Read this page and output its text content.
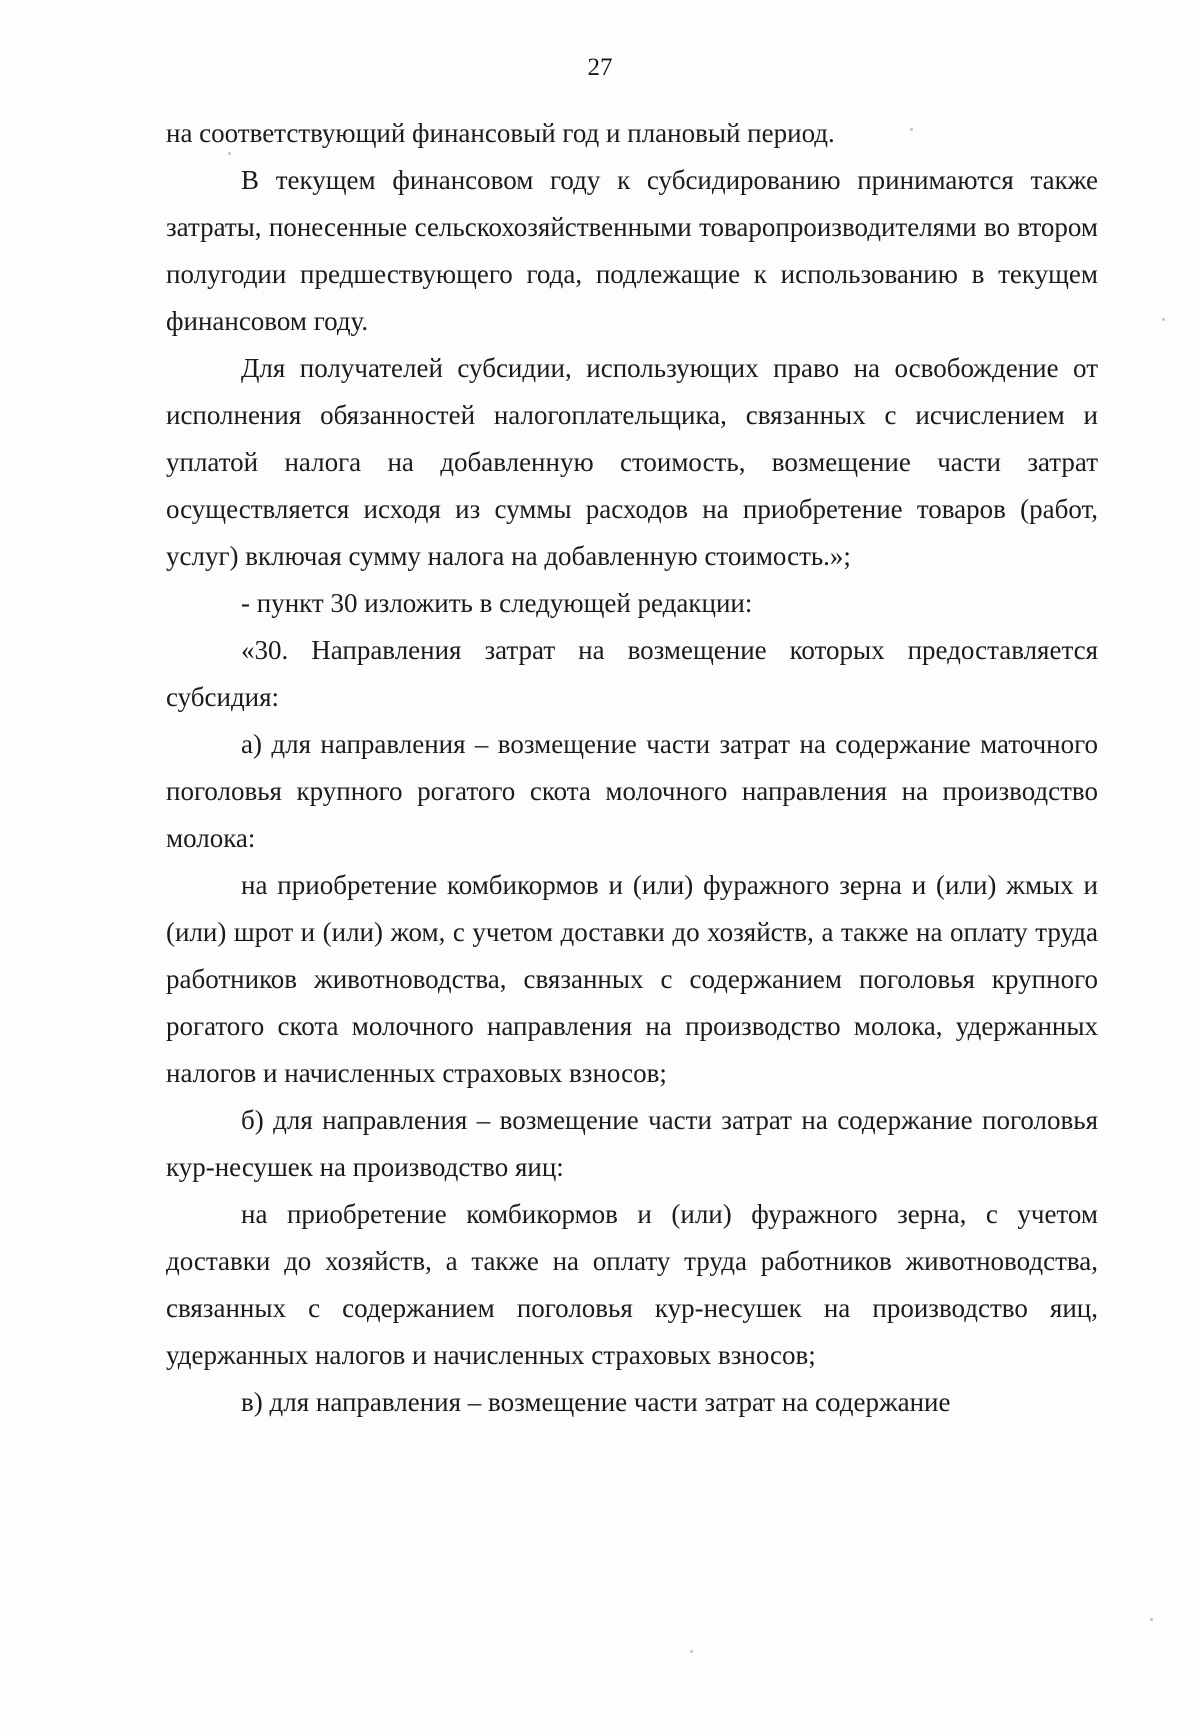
27

на соответствующий финансовый год и плановый период.

В текущем финансовом году к субсидированию принимаются также затраты, понесенные сельскохозяйственными товаропроизводителями во втором полугодии предшествующего года, подлежащие к использованию в текущем финансовом году.

Для получателей субсидии, использующих право на освобождение от исполнения обязанностей налогоплательщика, связанных с исчислением и уплатой налога на добавленную стоимость, возмещение части затрат осуществляется исходя из суммы расходов на приобретение товаров (работ, услуг) включая сумму налога на добавленную стоимость.»;

- пункт 30 изложить в следующей редакции:

«30. Направления затрат на возмещение которых предоставляется субсидия:

а) для направления – возмещение части затрат на содержание маточного поголовья крупного рогатого скота молочного направления на производство молока:

на приобретение комбикормов и (или) фуражного зерна и (или) жмых и (или) шрот и (или) жом, с учетом доставки до хозяйств, а также на оплату труда работников животноводства, связанных с содержанием поголовья крупного рогатого скота молочного направления на производство молока, удержанных налогов и начисленных страховых взносов;

б) для направления – возмещение части затрат на содержание поголовья кур-несушек на производство яиц:

на приобретение комбикормов и (или) фуражного зерна, с учетом доставки до хозяйств, а также на оплату труда работников животноводства, связанных с содержанием поголовья кур-несушек на производство яиц, удержанных налогов и начисленных страховых взносов;

в) для направления – возмещение части затрат на содержание
